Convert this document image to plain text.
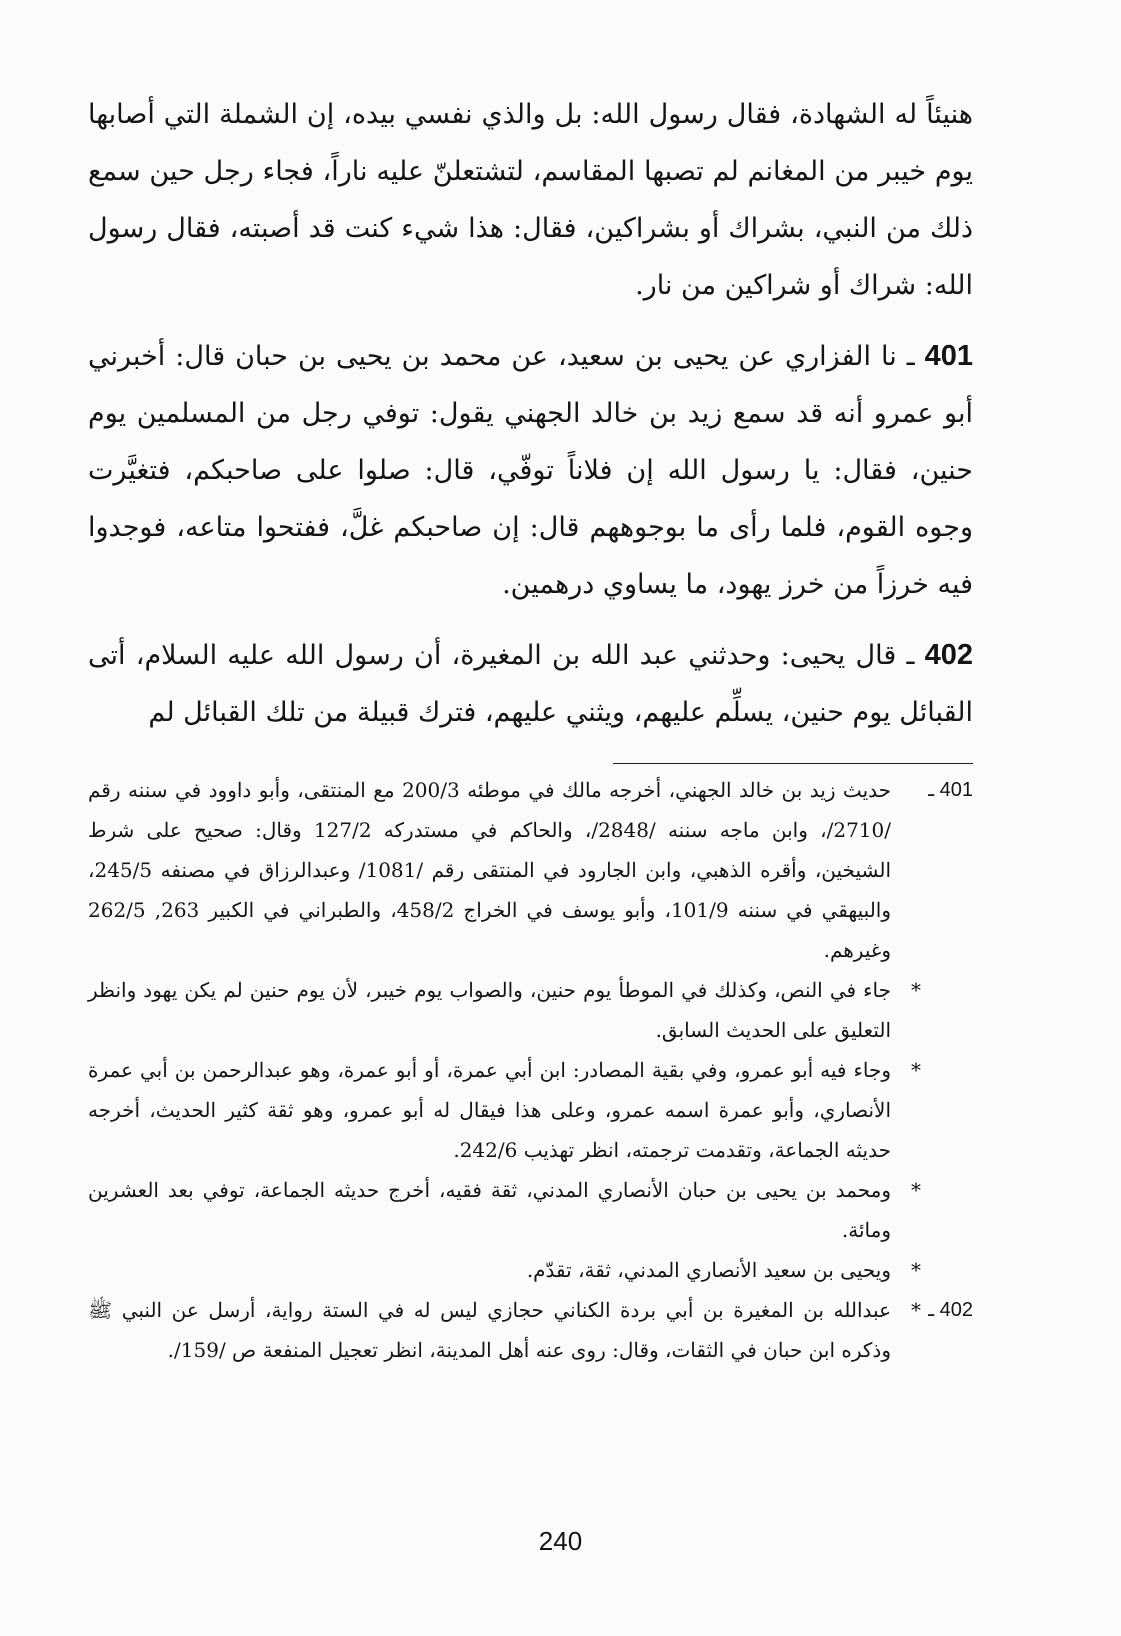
هنيئاً له الشهادة، فقال رسول الله: بل والذي نفسي بيده، إن الشملة التي أصابها يوم خيبر من المغانم لم تصبها المقاسم، لتشتعلنّ عليه ناراً، فجاء رجل حين سمع ذلك من النبي، بشراك أو بشراكين، فقال: هذا شيء كنت قد أصبته، فقال رسول الله: شراك أو شراكين من نار.

401 ـ نا الفزاري عن يحيى بن سعيد، عن محمد بن يحيى بن حبان قال: أخبرني أبو عمرو أنه قد سمع زيد بن خالد الجهني يقول: توفي رجل من المسلمين يوم حنين، فقال: يا رسول الله إن فلاناً توفّي، قال: صلوا على صاحبكم، فتغيَّرت وجوه القوم، فلما رأى ما بوجوههم قال: إن صاحبكم غلَّ، ففتحوا متاعه، فوجدوا فيه خرزاً من خرز يهود، ما يساوي درهمين.

402 ـ قال يحيى: وحدثني عبد الله بن المغيرة، أن رسول الله عليه السلام، أتى القبائل يوم حنين، يسلِّم عليهم، ويثني عليهم، فترك قبيلة من تلك القبائل لم

401 ـ
حديث زيد بن خالد الجهني، أخرجه مالك في موطئه 200/3 مع المنتقى، وأبو داوود في سننه رقم /2710/، وابن ماجه سننه /2848/، والحاكم في مستدركه 127/2 وقال: صحيح على شرط الشيخين، وأقره الذهبي، وابن الجارود في المنتقى رقم /1081/ وعبدالرزاق في مصنفه 245/5، والبيهقي في سننه 101/9، وأبو يوسف في الخراج 458/2، والطبراني في الكبير 263, 262/5 وغيرهم.
*
جاء في النص، وكذلك في الموطأ يوم حنين، والصواب يوم خيبر، لأن يوم حنين لم يكن يهود وانظر التعليق على الحديث السابق.
*
وجاء فيه أبو عمرو، وفي بقية المصادر: ابن أبي عمرة، أو أبو عمرة، وهو عبدالرحمن بن أبي عمرة الأنصاري، وأبو عمرة اسمه عمرو، وعلى هذا فيقال له أبو عمرو، وهو ثقة كثير الحديث، أخرجه حديثه الجماعة، وتقدمت ترجمته، انظر تهذيب 242/6.
*
ومحمد بن يحيى بن حبان الأنصاري المدني، ثقة فقيه، أخرج حديثه الجماعة، توفي بعد العشرين ومائة.
*
ويحيى بن سعيد الأنصاري المدني، ثقة، تقدّم.
402 ـ
*
عبدالله بن المغيرة بن أبي بردة الكناني حجازي ليس له في الستة رواية، أرسل عن النبي ﷺ وذكره ابن حبان في الثقات، وقال: روى عنه أهل المدينة، انظر تعجيل المنفعة ص /159/.
240
